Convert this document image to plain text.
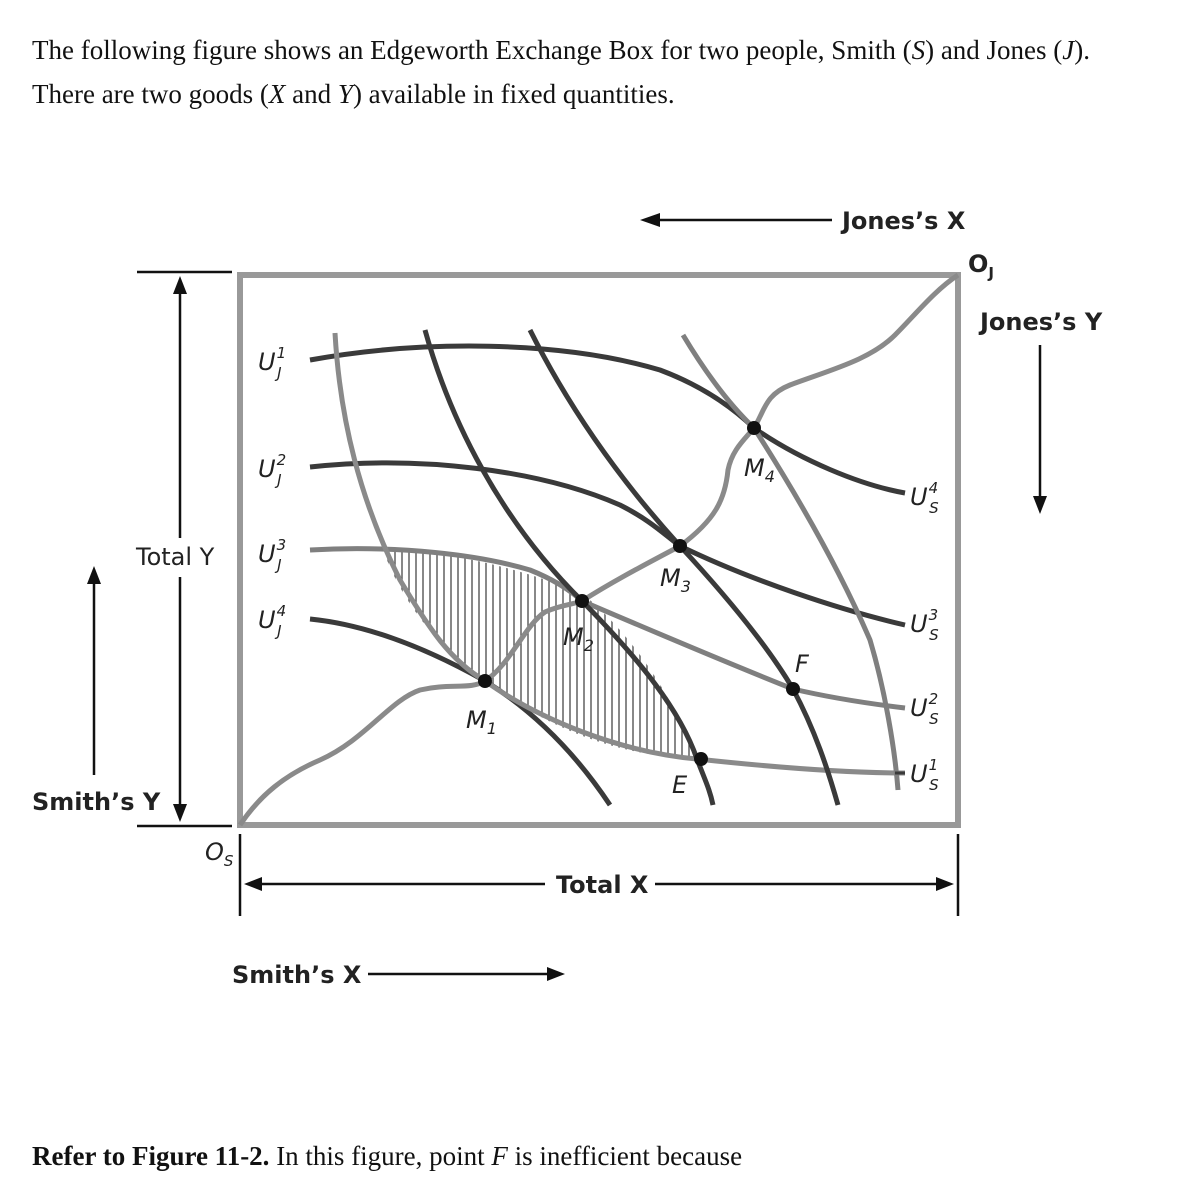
The following figure shows an Edgeworth Exchange Box for two people, Smith (S) and Jones (J). There are two goods (X and Y) available in fixed quantities.
$M_1$
$M_2$
$M_3$
$M_4$
E
F
$U^1$ J
$U^2$ J
$U^3$ J
$U^4$ J
$U^4$ S
$U^3$ S
$U^2$ S
$U^1$ S
Jones’s X
$O_J$
Jones’s Y
Total Y
Smith’s Y
$O_S$
Total X
Smith’s X
Refer to Figure 11-2. In this figure, point F is inefficient because
